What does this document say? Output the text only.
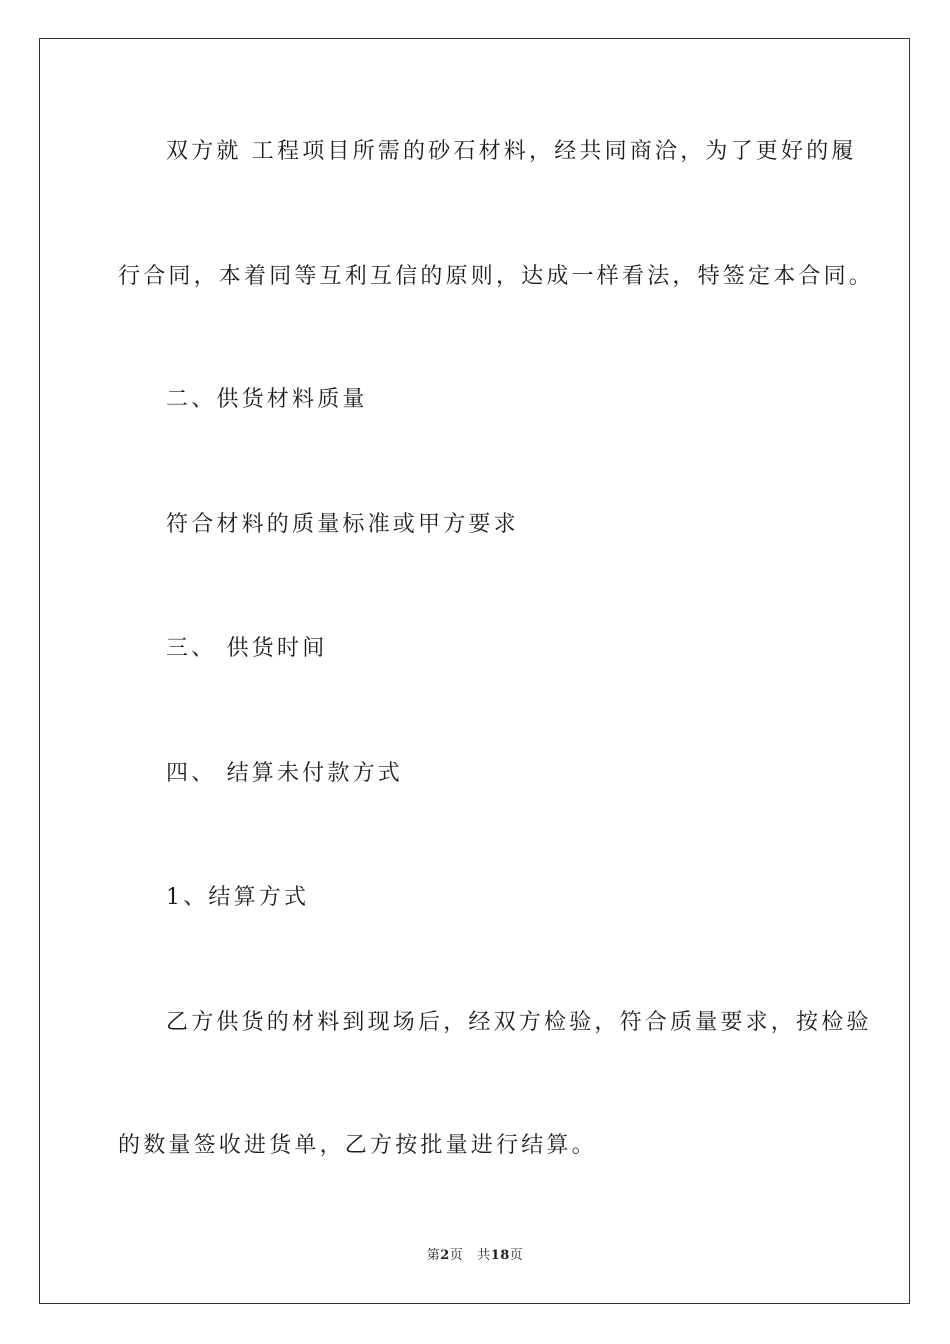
双方就 工程项目所需的砂石材料，经共同商洽，为了更好的履
行合同，本着同等互利互信的原则，达成一样看法，特签定本合同。
二、供货材料质量
符合材料的质量标准或甲方要求
三、 供货时间
四、 结算未付款方式
1、结算方式
乙方供货的材料到现场后，经双方检验，符合质量要求，按检验
的数量签收进货单，乙方按批量进行结算。
第2页 共18页
